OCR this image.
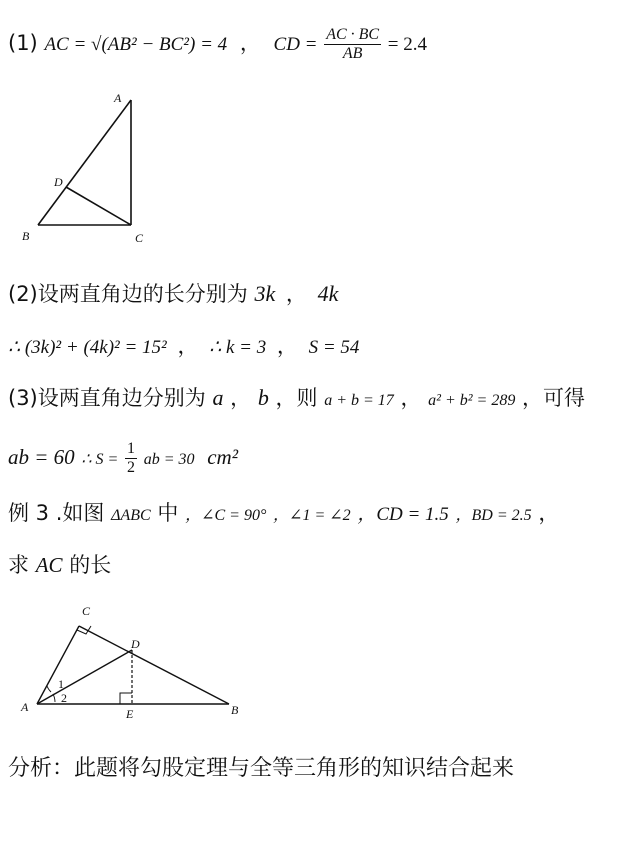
(1) AC = √(AB² − BC²) = 4 ， CD = $\frac{AC \cdot BC}{AB} = 2.4$
A
D
B	C
(2)设两直角边的长分别为 3k ， 4k
∴ (3k)² + (4k)² = 15² ， ∴ k = 3 ， S = 54
(3)设两直角边分别为 a ， b ，则 a + b = 17 ， a² + b² = 289 ，可得
ab = 60 ∴ $S = \frac{1}{2}$ ab = 30 cm²
例 3 .如图 ΔABC 中 ，∠C = 90° ，∠1 = ∠2 ，CD = 1.5 ，BD = 2.5 ，
求 AC 的长
C
D
A	E	B
1
2
分析：此题将勾股定理与全等三角形的知识结合起来
